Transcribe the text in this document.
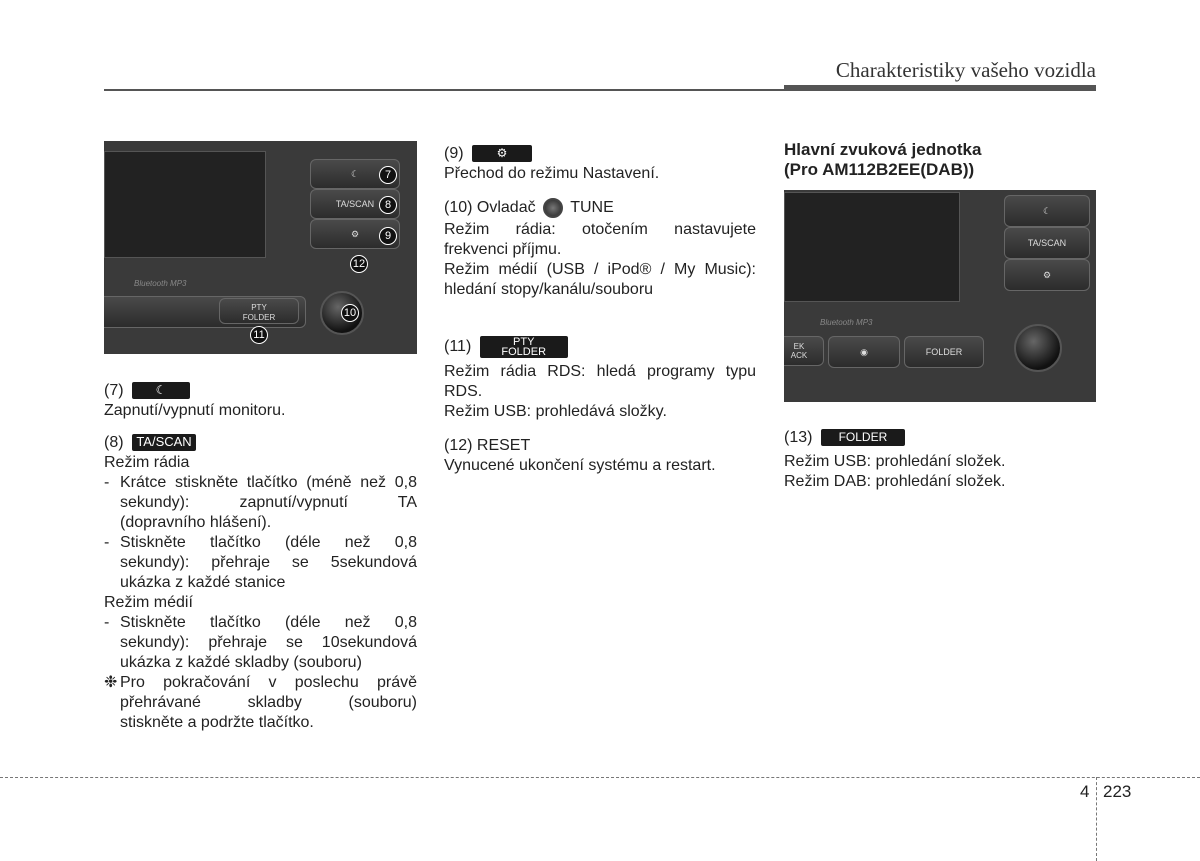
Charakteristiky vašeho vozidla
☾
TA/SCAN
⚙
7
8
9
12
Bluetooth MP3
PTY
FOLDER
11
10

(7)	☾

Zapnutí/vypnutí monitoru.

(8) TA/SCAN

Režim rádia

- Krátce stiskněte tlačítko (méně než 0,8

sekundy): zapnutí/vypnutí TA

(dopravního hlášení).

- Stiskněte tlačítko (déle než 0,8

sekundy): přehraje se 5sekundová

ukázka z každé stanice

Režim médií

- Stiskněte tlačítko (déle než 0,8

sekundy): přehraje se 10sekundová

ukázka z každé skladby (souboru)

❉ Pro pokračování v poslechu právě

přehrávané skladby (souboru)

stiskněte a podržte tlačítko.

(9)	⚙

Přechod do režimu Nastavení.

(10) Ovladač TUNE

Režim rádia: otočením nastavujete

frekvenci příjmu.

Režim médií (USB / iPod® / My Music):

hledání stopy/kanálu/souboru

(11)	PTY
FOLDER

Režim rádia RDS: hledá programy typu

RDS.

Režim USB: prohledává složky.

(12) RESET

Vynucené ukončení systému a restart.

Hlavní zvuková jednotka

(Pro AM112B2EE(DAB))

☾
TA/SCAN
⚙
Bluetooth MP3
EK
ACK	◉	FOLDER

(13) FOLDER

Režim USB: prohledání složek.

Režim DAB: prohledání složek.

4 223
